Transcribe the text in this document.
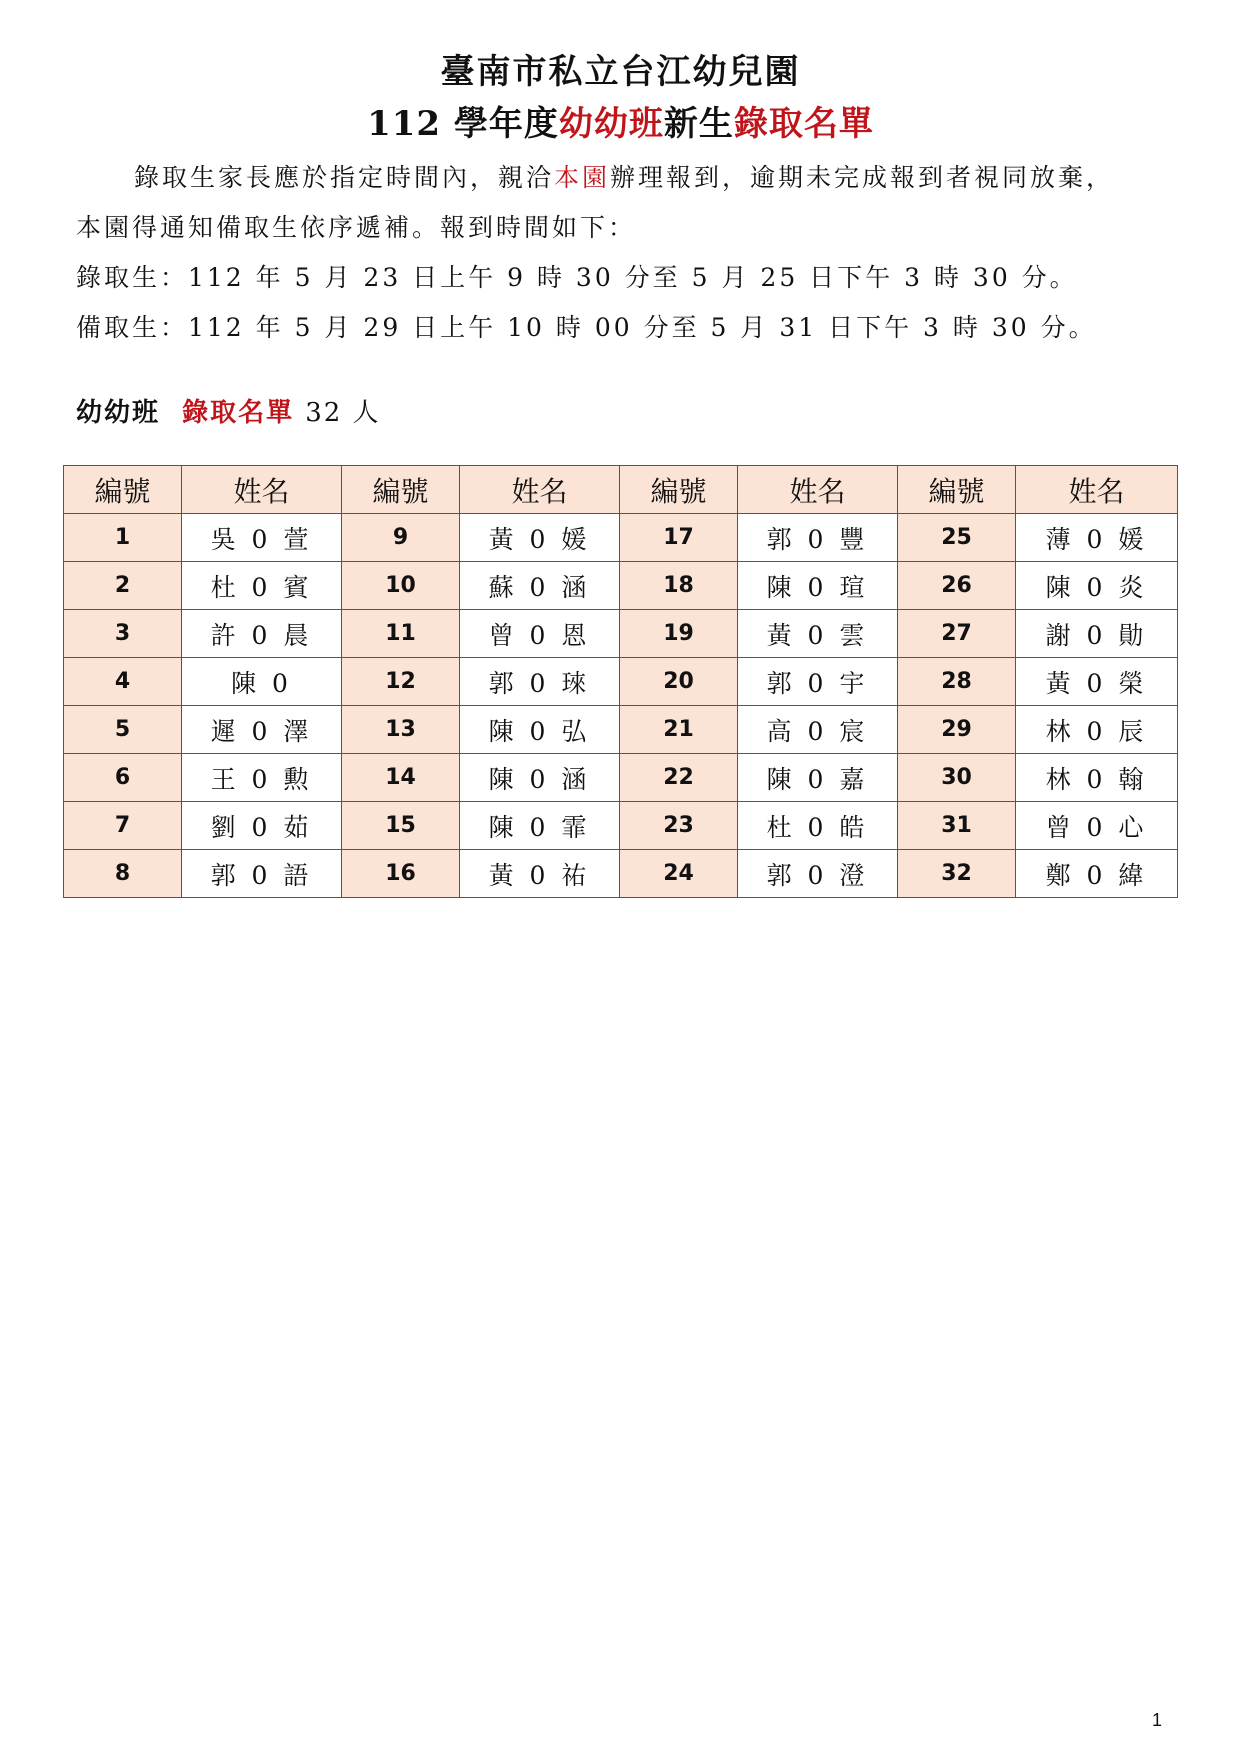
臺南市私立台江幼兒園
112 學年度幼幼班新生錄取名單
錄取生家長應於指定時間內，親洽本園辦理報到，逾期未完成報到者視同放棄，
本園得通知備取生依序遞補。報到時間如下：
錄取生：112 年 5 月 23 日上午 9 時 30 分至 5 月 25 日下午 3 時 30 分。
備取生：112 年 5 月 29 日上午 10 時 00 分至 5 月 31 日下午 3 時 30 分。
幼幼班 錄取名單 32 人
編號	姓名	編號	姓名	編號	姓名	編號	姓名
1	吳 0 萱	9	黃 0 媛	17	郭 0 豐	25	薄 0 媛
2	杜 0 賓	10	蘇 0 涵	18	陳 0 瑄	26	陳 0 炎
3	許 0 晨	11	曾 0 恩	19	黃 0 雲	27	謝 0 勛
4	陳 0	12	郭 0 琜	20	郭 0 宇	28	黃 0 榮
5	遲 0 澤	13	陳 0 弘	21	高 0 宸	29	林 0 辰
6	王 0 勲	14	陳 0 涵	22	陳 0 嘉	30	林 0 翰
7	劉 0 茹	15	陳 0 霏	23	杜 0 皓	31	曾 0 心
8	郭 0 語	16	黃 0 祐	24	郭 0 澄	32	鄭 0 緯
1
